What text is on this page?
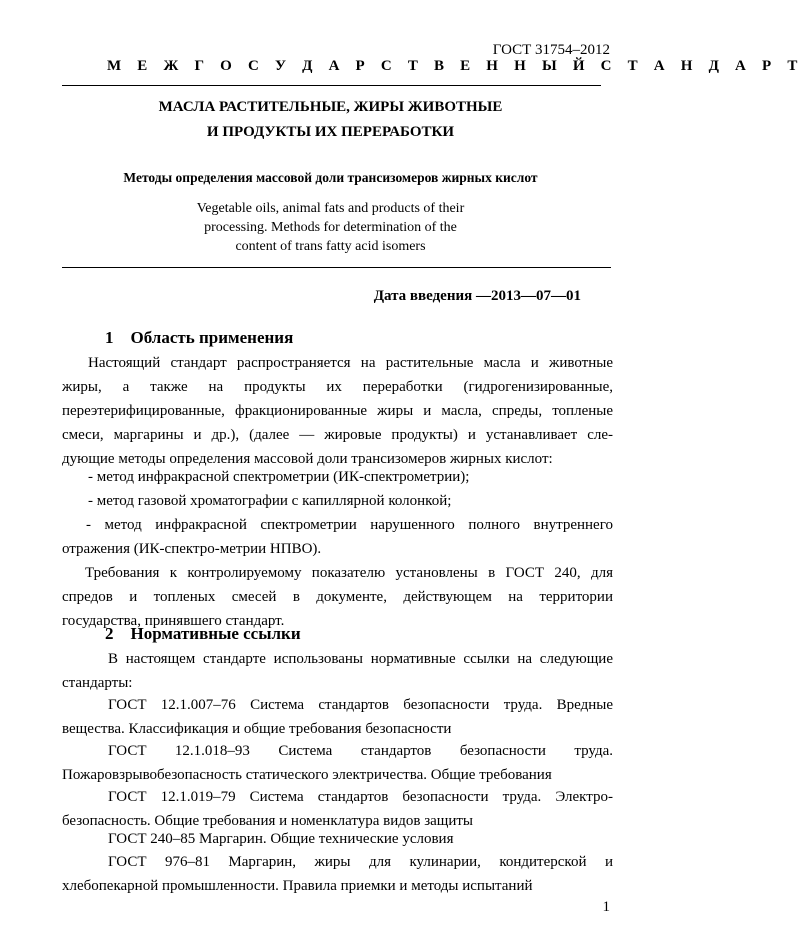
ГОСТ 31754–2012
М Е Ж Г О С У Д А Р С Т В Е Н Н Ы Й С Т А Н Д А Р Т
МАСЛА РАСТИТЕЛЬНЫЕ, ЖИРЫ ЖИВОТНЫЕ
И ПРОДУКТЫ ИХ ПЕРЕРАБОТКИ
Методы определения массовой доли трансизомеров жирных кислот
Vegetable oils, animal fats and products of their
processing. Methods for determination of the
content of trans fatty acid isomers
Дата введения —2013—07—01
1    Область применения
Настоящий стандарт распространяется на растительные масла и животные
жиры, а также на продукты их переработки (гидрогенизированные,
переэтерифицированные, фракционированные жиры и масла, спреды, топленые
смеси, маргарины и др.), (далее — жировые продукты) и устанавливает сле-
дующие методы определения массовой доли трансизомеров жирных кислот:
- метод инфракрасной спектрометрии (ИК-спектрометрии);
- метод газовой хроматографии с капиллярной колонкой;
- метод инфракрасной спектрометрии нарушенного полного внутреннего
отражения (ИК-спектро-метрии НПВО).
Требования к контролируемому показателю установлены в ГОСТ 240, для
спредов и топленых смесей в документе, действующем на территории
государства, принявшего стандарт.
2    Нормативные ссылки
В настоящем стандарте использованы нормативные ссылки на следующие
стандарты:
ГОСТ 12.1.007–76 Система стандартов безопасности труда. Вредные
вещества. Классификация и общие требования безопасности
ГОСТ 12.1.018–93 Система стандартов безопасности труда.
Пожаровзрывобезопасность статического электричества. Общие требования
ГОСТ 12.1.019–79 Система стандартов безопасности труда. Электро-
безопасность. Общие требования и номенклатура видов защиты
ГОСТ 240–85 Маргарин. Общие технические условия
ГОСТ 976–81 Маргарин, жиры для кулинарии, кондитерской и
хлебопекарной промышленности. Правила приемки и методы испытаний
1
